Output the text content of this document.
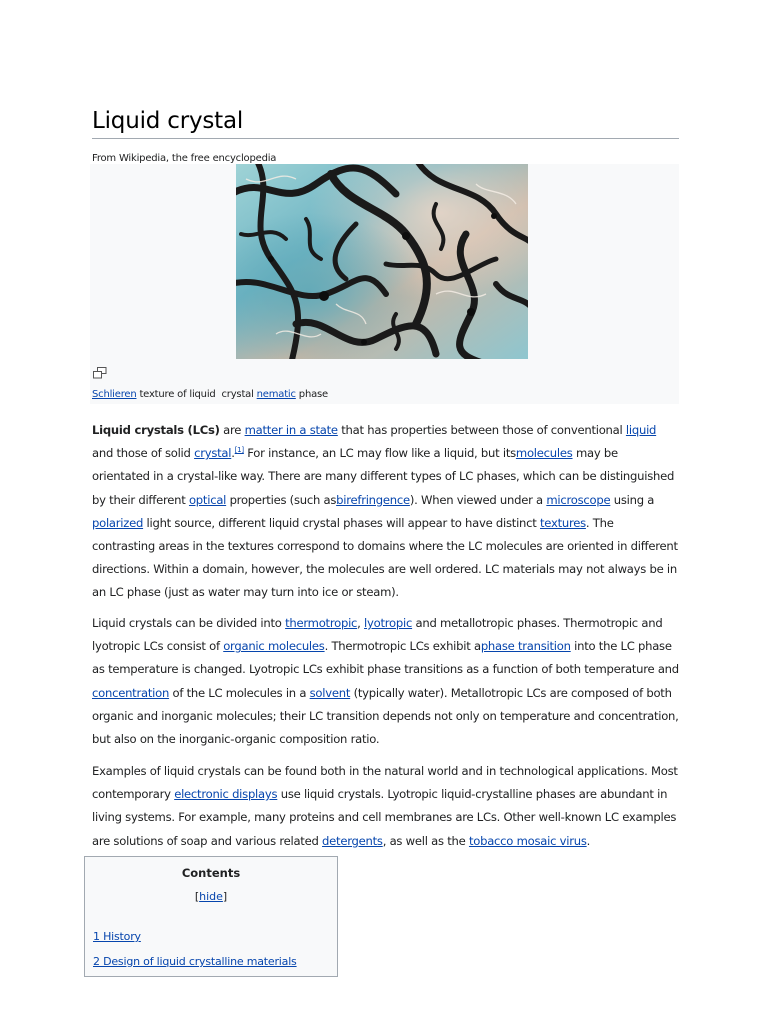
Liquid crystal
From Wikipedia, the free encyclopedia
Schlieren texture of liquid  crystal nematic phase

Liquid crystals (LCs) are matter in a state that has properties between those of conventional liquid and those of solid crystal.[1] For instance, an LC may flow like a liquid, but itsmolecules may be orientated in a crystal-like way. There are many different types of LC phases, which can be distinguished by their different optical properties (such asbirefringence). When viewed under a microscope using a polarized light source, different liquid crystal phases will appear to have distinct textures. The contrasting areas in the textures correspond to domains where the LC molecules are oriented in different directions. Within a domain, however, the molecules are well ordered. LC materials may not always be in an LC phase (just as water may turn into ice or steam).

Liquid crystals can be divided into thermotropic, lyotropic and metallotropic phases. Thermotropic and lyotropic LCs consist of organic molecules. Thermotropic LCs exhibit aphase transition into the LC phase as temperature is changed. Lyotropic LCs exhibit phase transitions as a function of both temperature and concentration of the LC molecules in a solvent (typically water). Metallotropic LCs are composed of both organic and inorganic molecules; their LC transition depends not only on temperature and concentration, but also on the inorganic-organic composition ratio.

Examples of liquid crystals can be found both in the natural world and in technological applications. Most contemporary electronic displays use liquid crystals. Lyotropic liquid-crystalline phases are abundant in living systems. For example, many proteins and cell membranes are LCs. Other well-known LC examples are solutions of soap and various related detergents, as well as the tobacco mosaic virus.

Contents
[hide]
1 History
2 Design of liquid crystalline materials
